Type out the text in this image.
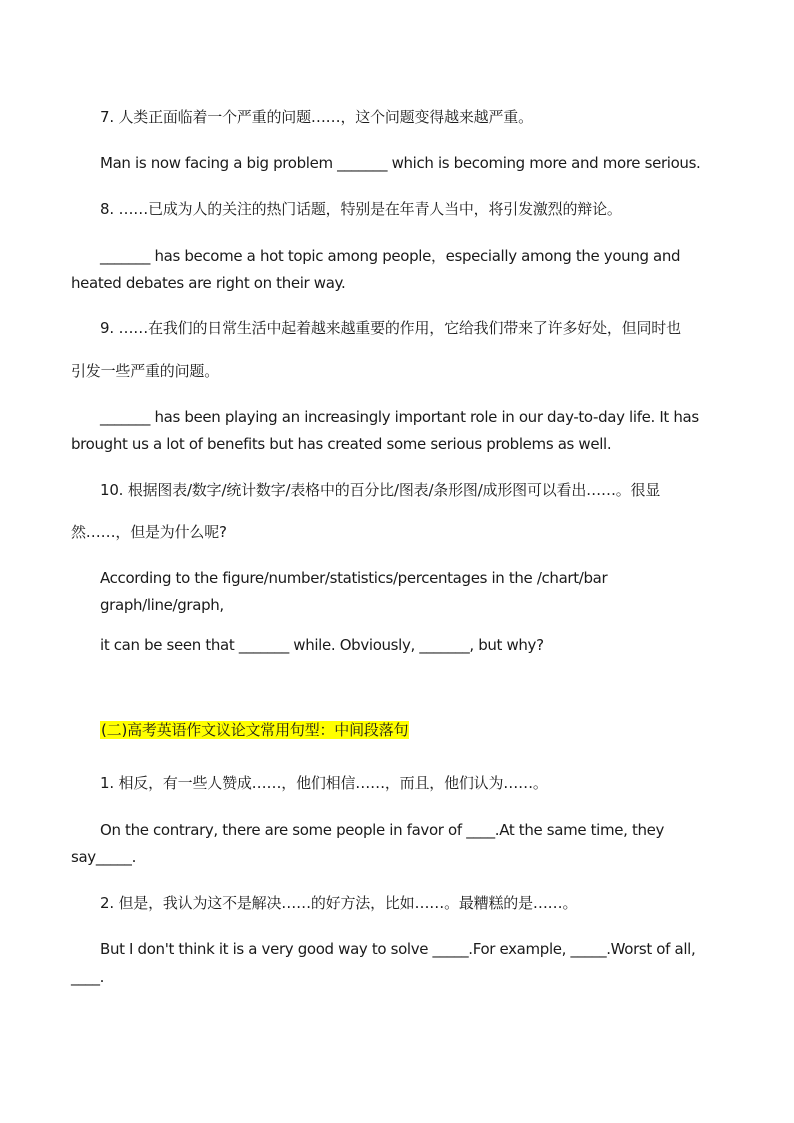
7. 人类正面临着一个严重的问题……，这个问题变得越来越严重。
Man is now facing a big problem _______ which is becoming more and more serious.
8. ……已成为人的关注的热门话题，特别是在年青人当中，将引发激烈的辩论。
_______ has become a hot topic among people，especially among the young and
heated debates are right on their way.
9. ……在我们的日常生活中起着越来越重要的作用，它给我们带来了许多好处，但同时也
引发一些严重的问题。
_______ has been playing an increasingly important role in our day-to-day life. It has
brought us a lot of benefits but has created some serious problems as well.
10. 根据图表/数字/统计数字/表格中的百分比/图表/条形图/成形图可以看出……。很显
然……，但是为什么呢?
According to the figure/number/statistics/percentages in the /chart/bar
graph/line/graph,
it can be seen that _______ while. Obviously, _______, but why?
(二)高考英语作文议论文常用句型：中间段落句
1. 相反，有一些人赞成……，他们相信……，而且，他们认为……。
On the contrary, there are some people in favor of ____.At the same time, they
say_____.
2. 但是，我认为这不是解决……的好方法，比如……。最糟糕的是……。
But I don't think it is a very good way to solve _____.For example, _____.Worst of all,
____.
